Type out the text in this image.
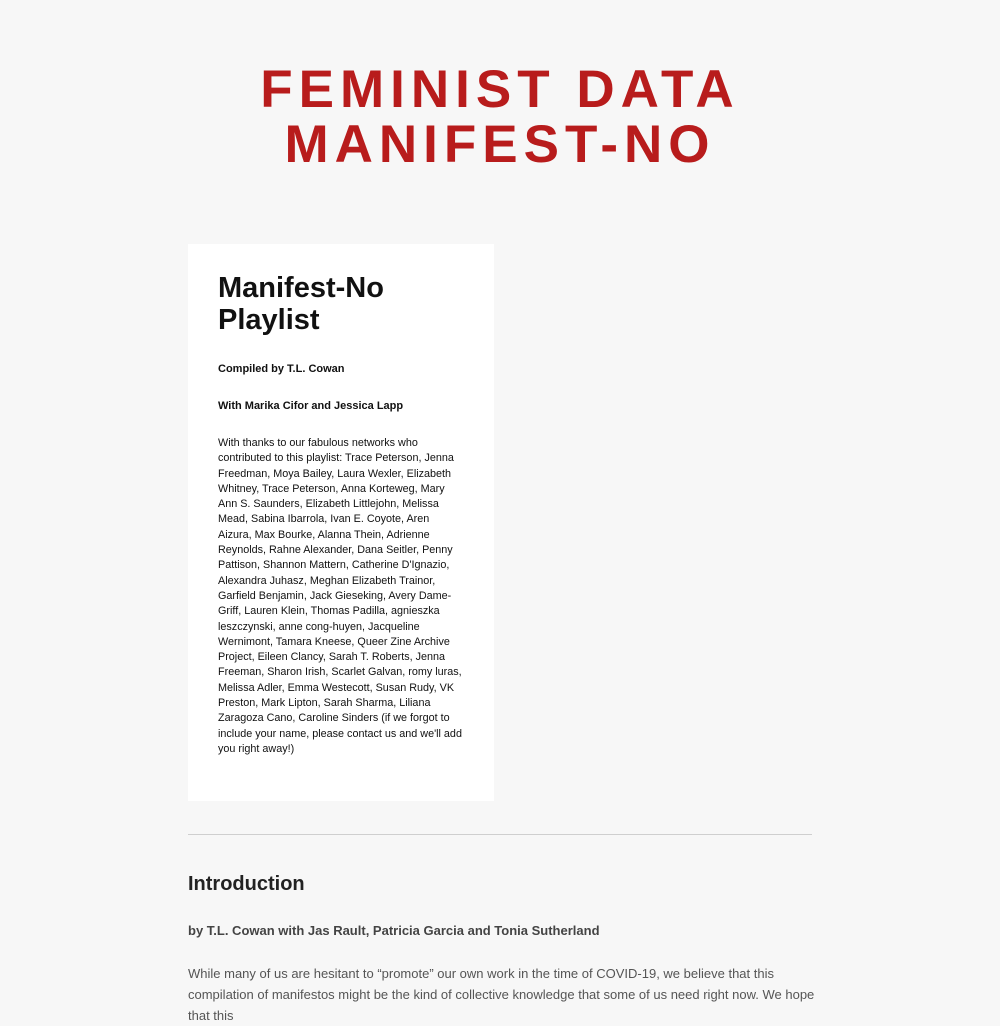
FEMINIST DATA
MANIFEST-NO
Manifest-No
Playlist

Compiled by T.L. Cowan

With Marika Cifor and Jessica Lapp

With thanks to our fabulous networks who contributed to this playlist: Trace Peterson, Jenna Freedman, Moya Bailey, Laura Wexler, Elizabeth Whitney, Trace Peterson, Anna Korteweg, Mary Ann S. Saunders, Elizabeth Littlejohn, Melissa Mead, Sabina Ibarrola, Ivan E. Coyote, Aren Aizura, Max Bourke, Alanna Thein, Adrienne Reynolds, Rahne Alexander, Dana Seitler, Penny Pattison, Shannon Mattern, Catherine D'Ignazio, Alexandra Juhasz, Meghan Elizabeth Trainor, Garfield Benjamin, Jack Gieseking, Avery Dame-Griff, Lauren Klein, Thomas Padilla, agnieszka leszczynski, anne cong-huyen, Jacqueline Wernimont, Tamara Kneese, Queer Zine Archive Project, Eileen Clancy, Sarah T. Roberts, Jenna Freeman, Sharon Irish, Scarlet Galvan, romy luras, Melissa Adler, Emma Westecott, Susan Rudy, VK Preston, Mark Lipton, Sarah Sharma, Liliana Zaragoza Cano, Caroline Sinders (if we forgot to include your name, please contact us and we'll add you right away!)

Introduction

by T.L. Cowan with Jas Rault, Patricia Garcia and Tonia Sutherland

While many of us are hesitant to “promote” our own work in the time of COVID-19, we believe that this compilation of manifestos might be the kind of collective knowledge that some of us need right now. We hope that this
